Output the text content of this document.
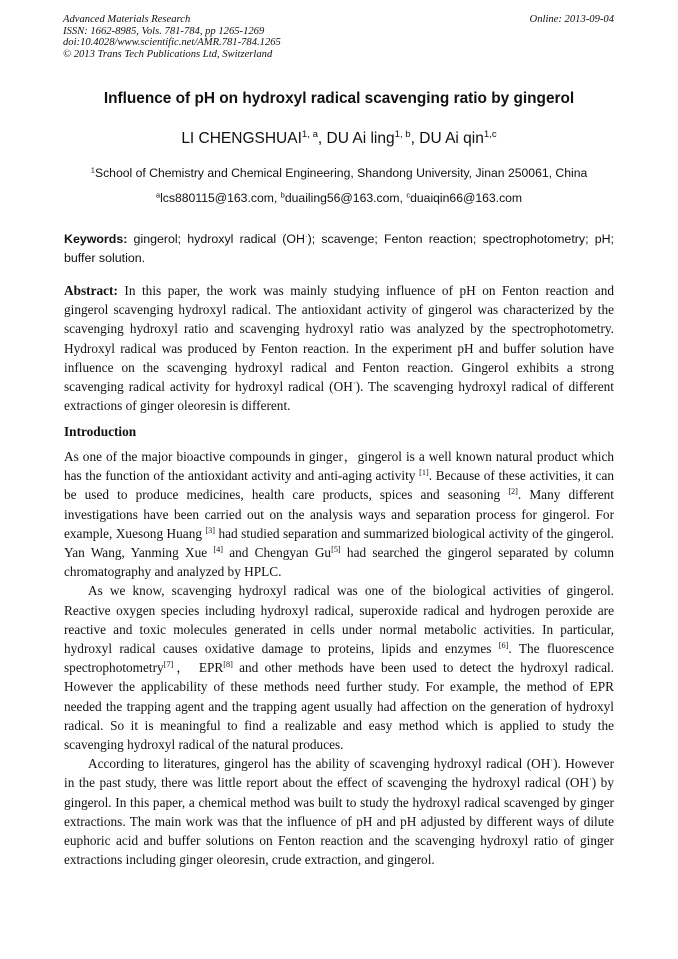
Advanced Materials Research
ISSN: 1662-8985, Vols. 781-784, pp 1265-1269
doi:10.4028/www.scientific.net/AMR.781-784.1265
© 2013 Trans Tech Publications Ltd, Switzerland
Online: 2013-09-04
Influence of pH on hydroxyl radical scavenging ratio by gingerol
LI CHENGSHUAI$^{1, a}$, DU Ai ling$^{1, b}$, DU Ai qin$^{1,c}$
$^1$School of Chemistry and Chemical Engineering, Shandong University, Jinan 250061, China
$^a$lcs880115@163.com, $^b$duailing56@163.com, $^c$duaiqin66@163.com
Keywords: gingerol; hydroxyl radical (OH·); scavenge; Fenton reaction; spectrophotometry; pH; buffer solution.

Abstract: In this paper, the work was mainly studying influence of pH on Fenton reaction and gingerol scavenging hydroxyl radical. The antioxidant activity of gingerol was characterized by the scavenging hydroxyl ratio and scavenging hydroxyl ratio was analyzed by the spectrophotometry. Hydroxyl radical was produced by Fenton reaction. In the experiment pH and buffer solution have influence on the scavenging hydroxyl radical and Fenton reaction. Gingerol exhibits a strong scavenging radical activity for hydroxyl radical (OH·). The scavenging hydroxyl radical of different extractions of ginger oleoresin is different.

Introduction

As one of the major bioactive compounds in ginger，gingerol is a well known natural product which has the function of the antioxidant activity and anti-aging activity [1]. Because of these activities, it can be used to produce medicines, health care products, spices and seasoning [2]. Many different investigations have been carried out on the analysis ways and separation process for gingerol. For example, Xuesong Huang [3] had studied separation and summarized biological activity of the gingerol. Yan Wang, Yanming Xue [4] and Chengyan Gu[5] had searched the gingerol separated by column chromatography and analyzed by HPLC.

As we know, scavenging hydroxyl radical was one of the biological activities of gingerol. Reactive oxygen species including hydroxyl radical, superoxide radical and hydrogen peroxide are reactive and toxic molecules generated in cells under normal metabolic activities. In particular, hydroxyl radical causes oxidative damage to proteins, lipids and enzymes [6]. The fluorescence spectrophotometry[7]， EPR[8] and other methods have been used to detect the hydroxyl radical. However the applicability of these methods need further study. For example, the method of EPR needed the trapping agent and the trapping agent usually had affection on the generation of hydroxyl radical. So it is meaningful to find a realizable and easy method which is applied to study the scavenging hydroxyl radical of the natural produces.

According to literatures, gingerol has the ability of scavenging hydroxyl radical (OH·). However in the past study, there was little report about the effect of scavenging the hydroxyl radical (OH·) by gingerol. In this paper, a chemical method was built to study the hydroxyl radical scavenged by ginger extractions. The main work was that the influence of pH and pH adjusted by different ways of dilute euphoric acid and buffer solutions on Fenton reaction and the scavenging hydroxyl ratio of ginger extractions including ginger oleoresin, crude extraction, and gingerol.
